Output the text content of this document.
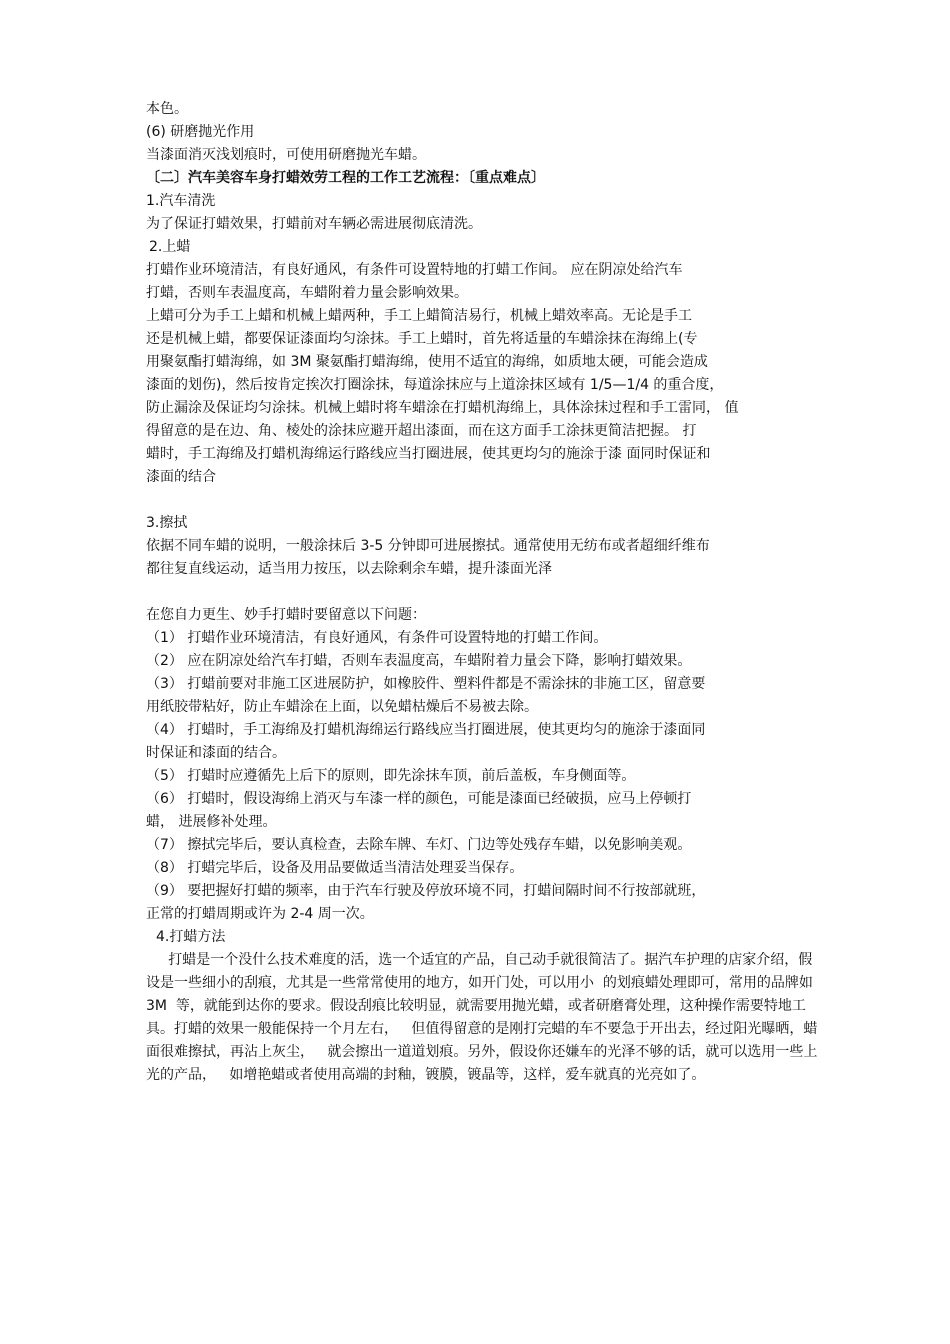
本色。
(6) 研磨抛光作用
当漆面消灭浅划痕时，可使用研磨抛光车蜡。
〔二〕汽车美容车身打蜡效劳工程的工作工艺流程：〔重点难点〕
1.汽车清洗
为了保证打蜡效果，打蜡前对车辆必需进展彻底清洗。
2.上蜡
打蜡作业环境清洁，有良好通风，有条件可设置特地的打蜡工作间。 应在阴凉处给汽车
打蜡，否则车表温度高，车蜡附着力量会影响效果。
上蜡可分为手工上蜡和机械上蜡两种，手工上蜡简洁易行，机械上蜡效率高。无论是手工
还是机械上蜡，都要保证漆面均匀涂抹。手工上蜡时，首先将适量的车蜡涂抹在海绵上(专
用聚氨酯打蜡海绵，如 3M 聚氨酯打蜡海绵，使用不适宜的海绵，如质地太硬，可能会造成
漆面的划伤)，然后按肯定挨次打圈涂抹，每道涂抹应与上道涂抹区域有 1/5—1/4 的重合度，
防止漏涂及保证均匀涂抹。机械上蜡时将车蜡涂在打蜡机海绵上，具体涂抹过程和手工雷同， 值
得留意的是在边、角、棱处的涂抹应避开超出漆面，而在这方面手工涂抹更简洁把握。 打
蜡时，手工海绵及打蜡机海绵运行路线应当打圈进展，使其更均匀的施涂于漆 面同时保证和
漆面的结合
3.擦拭
依据不同车蜡的说明，一般涂抹后 3-5 分钟即可进展擦拭。通常使用无纺布或者超细纤维布
都往复直线运动，适当用力按压，以去除剩余车蜡，提升漆面光泽
在您自力更生、妙手打蜡时要留意以下问题：
（1） 打蜡作业环境清洁，有良好通风，有条件可设置特地的打蜡工作间。
（2） 应在阴凉处给汽车打蜡，否则车表温度高，车蜡附着力量会下降，影响打蜡效果。
（3） 打蜡前要对非施工区进展防护，如橡胶件、塑料件都是不需涂抹的非施工区，留意要
用纸胶带粘好，防止车蜡涂在上面，以免蜡枯燥后不易被去除。
（4） 打蜡时，手工海绵及打蜡机海绵运行路线应当打圈进展，使其更均匀的施涂于漆面同
时保证和漆面的结合。
（5） 打蜡时应遵循先上后下的原则，即先涂抹车顶，前后盖板，车身侧面等。
（6） 打蜡时，假设海绵上消灭与车漆一样的颜色，可能是漆面已经破损，应马上停顿打
蜡， 进展修补处理。
（7） 擦拭完毕后，要认真检查，去除车牌、车灯、门边等处残存车蜡，以免影响美观。
（8） 打蜡完毕后，设备及用品要做适当清洁处理妥当保存。
（9） 要把握好打蜡的频率，由于汽车行驶及停放环境不同，打蜡间隔时间不行按部就班，
正常的打蜡周期或许为 2-4 周一次。
4.打蜡方法

打蜡是一个没什么技术难度的活，选一个适宜的产品，自己动手就很简洁了。据汽车护理的店家介绍，假设是一些细小的刮痕，尤其是一些常常使用的地方，如开门处，可以用小  的划痕蜡处理即可，常用的品牌如 3M  等，就能到达你的要求。假设刮痕比较明显，就需要用抛光蜡，或者研磨膏处理，这种操作需要特地工具。打蜡的效果一般能保持一个月左右，   但值得留意的是刚打完蜡的车不要急于开出去，经过阳光曝晒，蜡面很难擦拭，再沾上灰尘，   就会擦出一道道划痕。另外，假设你还嫌车的光泽不够的话，就可以选用一些上光的产品，   如增艳蜡或者使用高端的封釉，镀膜，镀晶等，这样，爱车就真的光亮如了。
